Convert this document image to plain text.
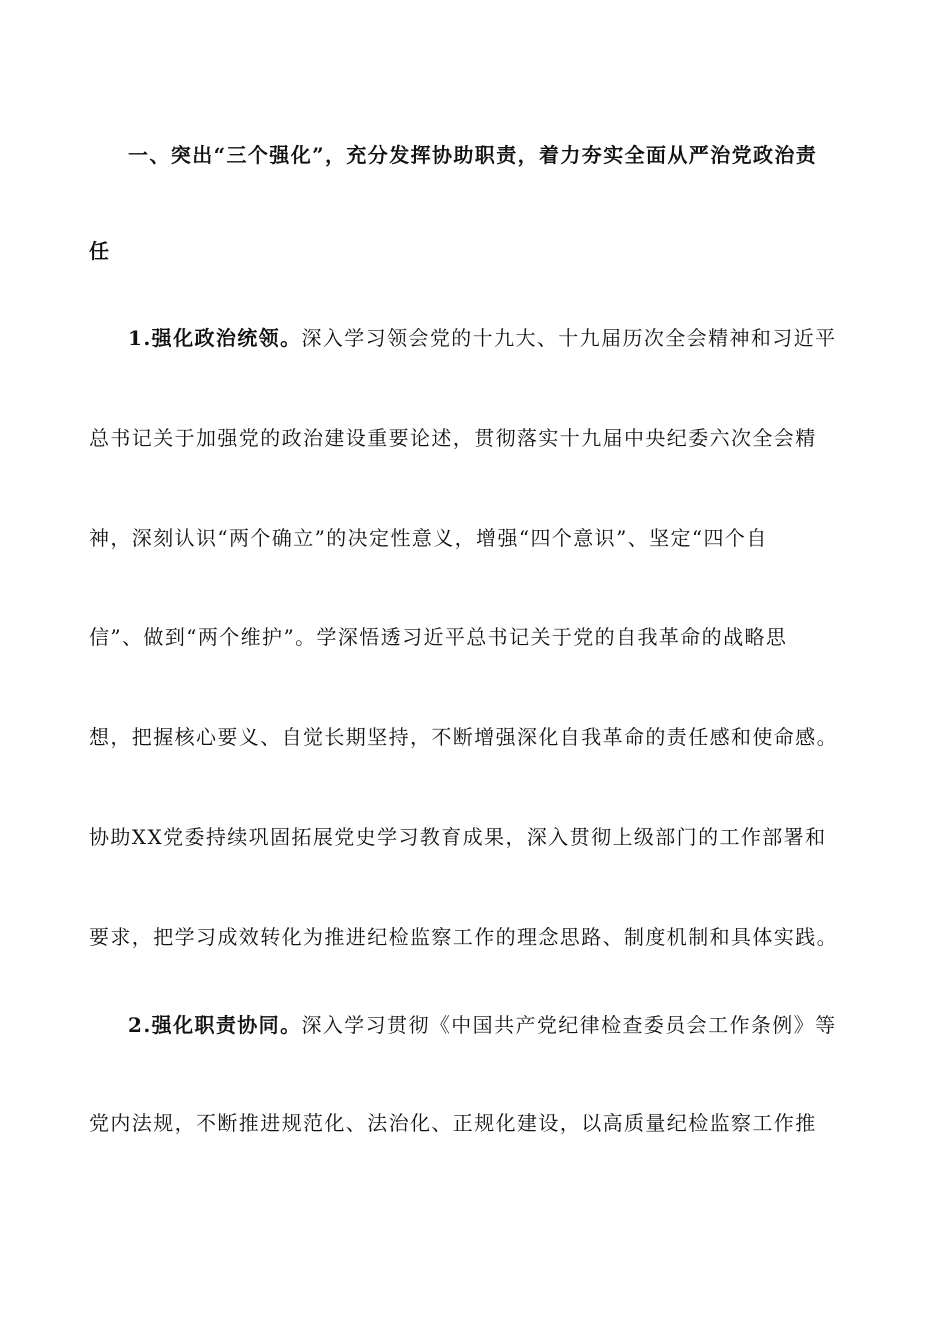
一、突出“三个强化”，充分发挥协助职责，着力夯实全面从严治党政治责
任
1.强化政治统领。深入学习领会党的十九大、十九届历次全会精神和习近平
总书记关于加强党的政治建设重要论述，贯彻落实十九届中央纪委六次全会精
神，深刻认识“两个确立”的决定性意义，增强“四个意识”、坚定“四个自
信”、做到“两个维护”。学深悟透习近平总书记关于党的自我革命的战略思
想，把握核心要义、自觉长期坚持，不断增强深化自我革命的责任感和使命感。
协助XX党委持续巩固拓展党史学习教育成果，深入贯彻上级部门的工作部署和
要求，把学习成效转化为推进纪检监察工作的理念思路、制度机制和具体实践。
2.强化职责协同。深入学习贯彻《中国共产党纪律检查委员会工作条例》等
党内法规，不断推进规范化、法治化、正规化建设，以高质量纪检监察工作推
